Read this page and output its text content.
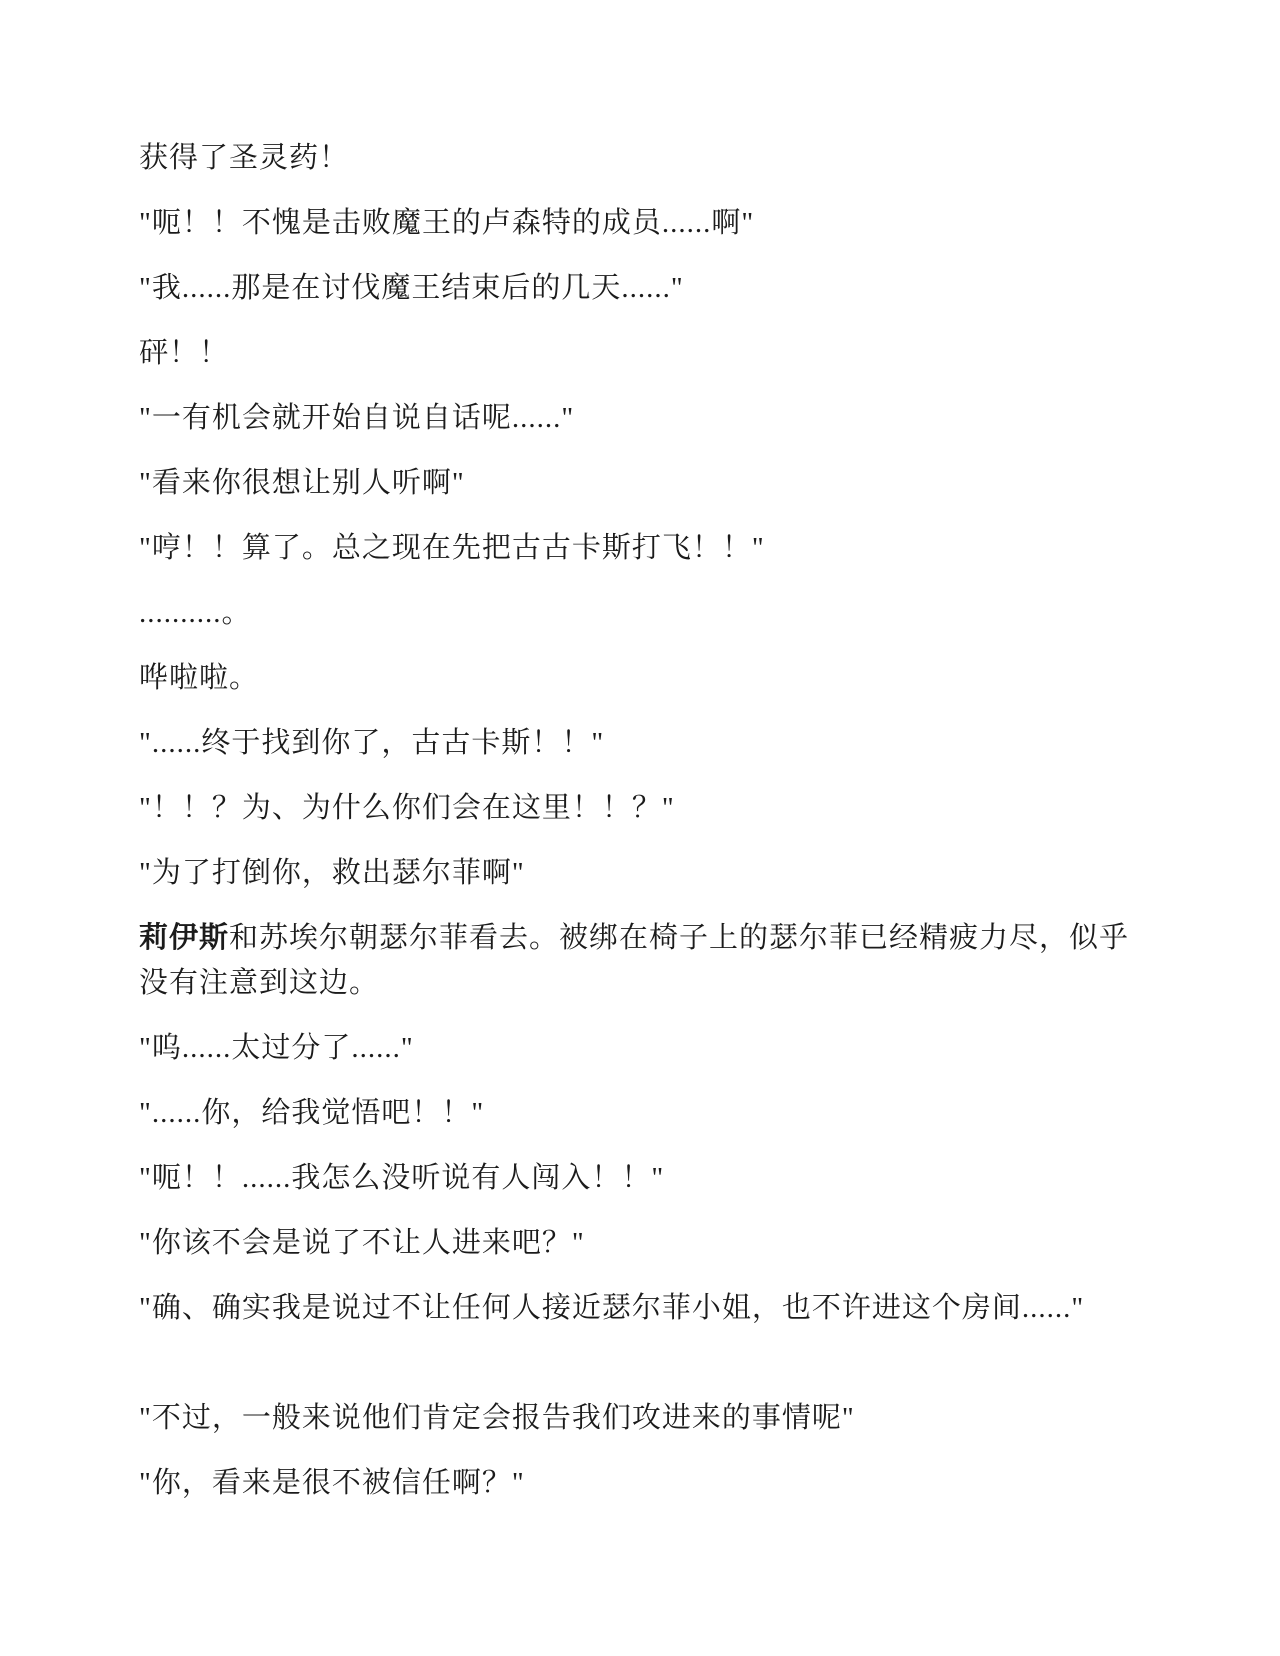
获得了圣灵药！

"呃！！不愧是击败魔王的卢森特的成员......啊"

"我......那是在讨伐魔王结束后的几天......"

砰！！

"一有机会就开始自说自话呢......"

"看来你很想让别人听啊"

"哼！！算了。总之现在先把古古卡斯打飞！！"

..........。

哗啦啦。

"......终于找到你了，古古卡斯！！"

"！！？为、为什么你们会在这里！！？"

"为了打倒你，救出瑟尔菲啊"

莉伊斯和苏埃尔朝瑟尔菲看去。被绑在椅子上的瑟尔菲已经精疲力尽，似乎没有注意到这边。

"呜......太过分了......"

"......你，给我觉悟吧！！"

"呃！！......我怎么没听说有人闯入！！"

"你该不会是说了不让人进来吧？"

"确、确实我是说过不让任何人接近瑟尔菲小姐，也不许进这个房间......"

"不过，一般来说他们肯定会报告我们攻进来的事情呢"

"你，看来是很不被信任啊？"
